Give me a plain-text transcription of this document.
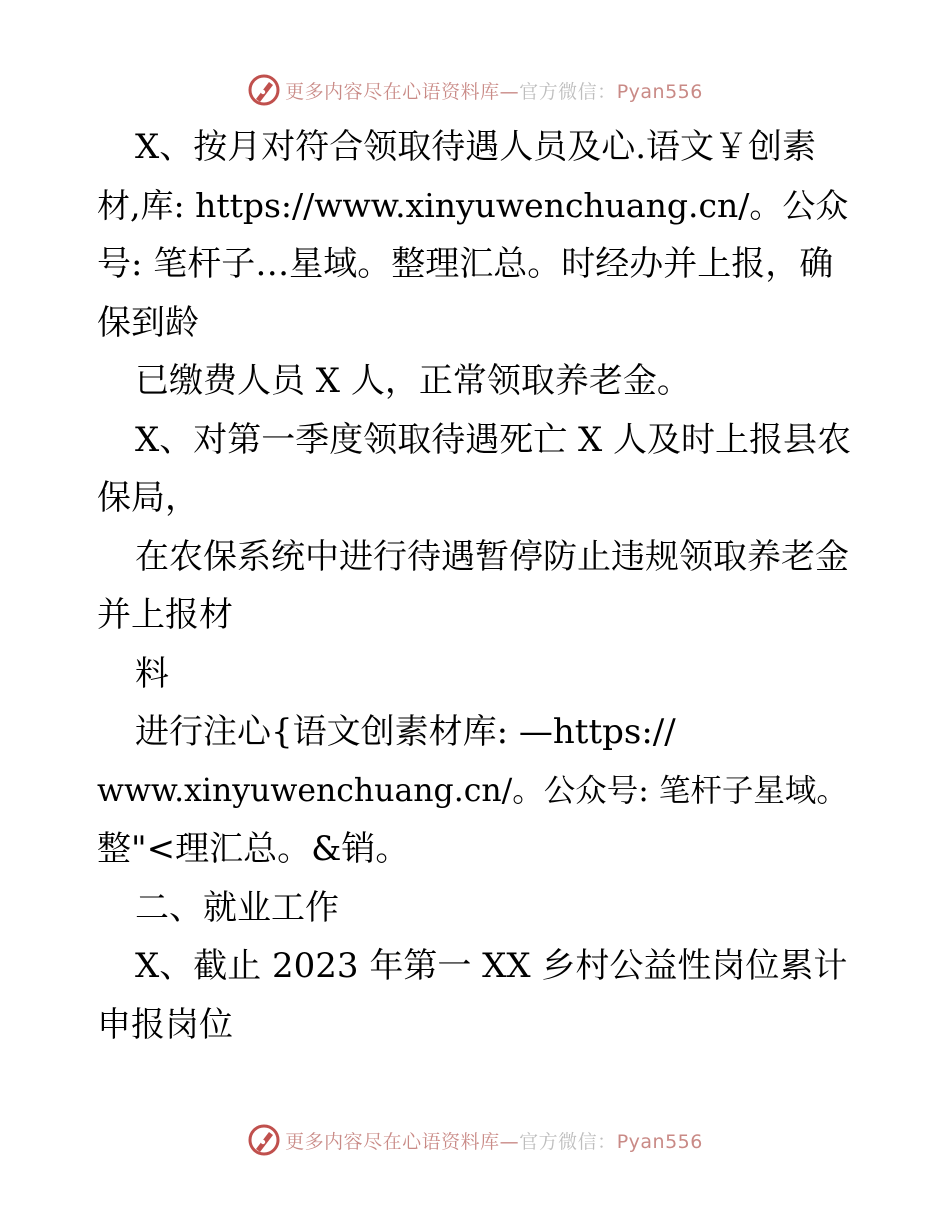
更多内容尽在心语资料库—官方微信：Pyan556
X、按月对符合领取待遇人员及心.语文￥创素
材,库: https://www.xinyuwenchuang.cn/。公众
号: 笔杆子…星域。整理汇总。时经办并上报，确
保到龄
已缴费人员 X 人，正常领取养老金。
X、对第一季度领取待遇死亡 X 人及时上报县农
保局，
在农保系统中进行待遇暂停防止违规领取养老金
并上报材
料
进行注心{语文创素材库: —https://
www.xinyuwenchuang.cn/。公众号: 笔杆子星域。
整"<理汇总。&销。
二、就业工作
X、截止 2023 年第一 XX 乡村公益性岗位累计
申报岗位
更多内容尽在心语资料库—官方微信：Pyan556
